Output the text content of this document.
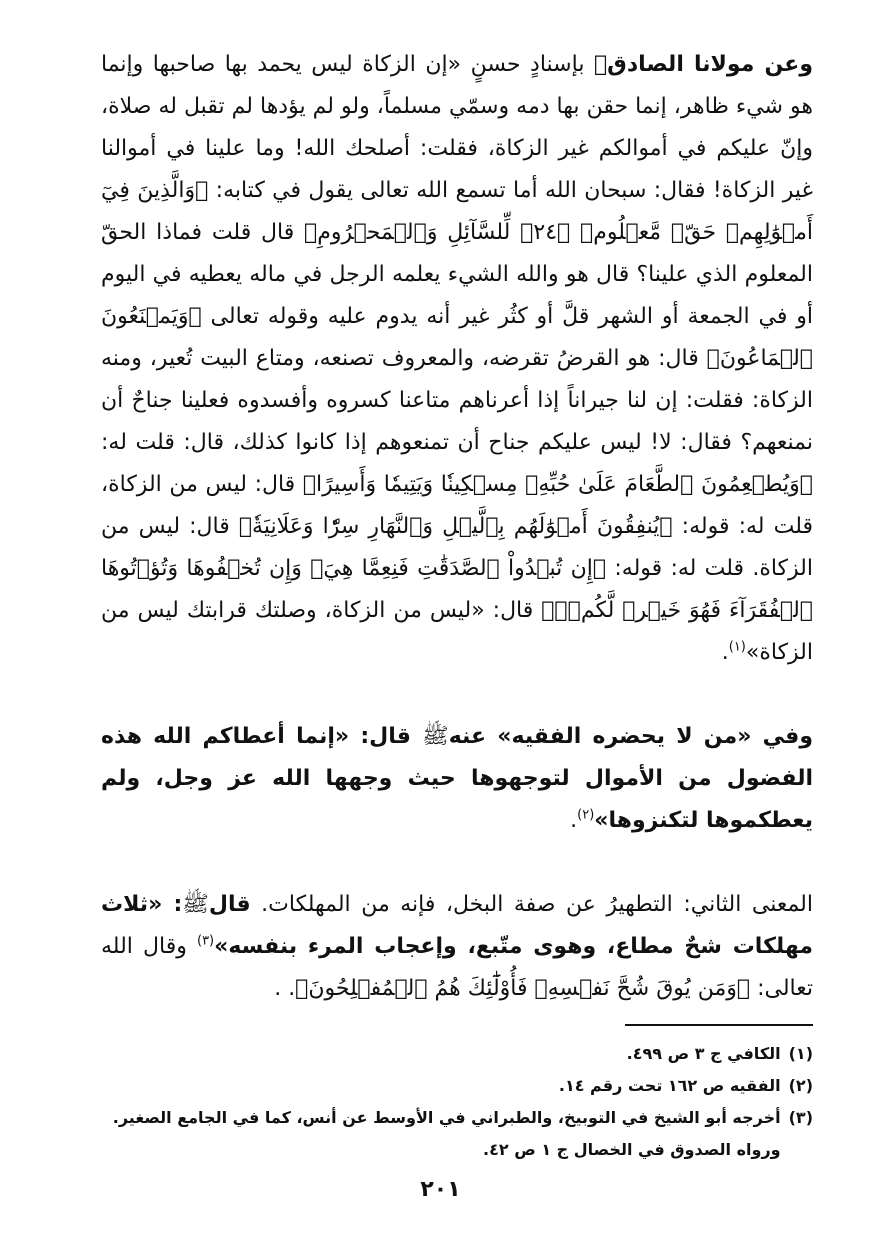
وعن مولانا الصادقﷺ بإسنادٍ حسنٍ «إن الزكاة ليس يحمد بها صاحبها وإنما هو شيء ظاهر، إنما حقن بها دمه وسمّي مسلماً، ولو لم يؤدها لم تقبل له صلاة، وإنّ عليكم في أموالكم غير الزكاة، فقلت: أصلحك الله! وما علينا في أموالنا غير الزكاة! فقال: سبحان الله أما تسمع الله تعالى يقول في كتابه: ﴿وَالَّذِينَ فِيٓ أَمۡوَٰلِهِمۡ حَقّٞ مَّعۡلُومٞ ﴿٢٤﴾ لِّلسَّآئِلِ وَٱلۡمَحۡرُومِ﴾ قال قلت فماذا الحقّ المعلوم الذي علينا؟ قال هو والله الشيء يعلمه الرجل في ماله يعطيه في اليوم أو في الجمعة أو الشهر قلَّ أو كثُر غير أنه يدوم عليه وقوله تعالى ﴿وَيَمۡنَعُونَ ٱلۡمَاعُونَ﴾ قال: هو القرضُ تقرضه، والمعروف تصنعه، ومتاع البيت تُعير، ومنه الزكاة: فقلت: إن لنا جيراناً إذا أعرناهم متاعنا كسروه وأفسدوه فعلينا جناحٌ أن نمنعهم؟ فقال: لا! ليس عليكم جناح أن تمنعوهم إذا كانوا كذلك، قال: قلت له: ﴿وَيُطۡعِمُونَ ٱلطَّعَامَ عَلَىٰ حُبِّهِۦ مِسۡكِينٗا وَيَتِيمٗا وَأَسِيرًا﴾ قال: ليس من الزكاة، قلت له: قوله: ﴿يُنفِقُونَ أَمۡوَٰلَهُم بِٱلَّيۡلِ وَٱلنَّهَارِ سِرّٗا وَعَلَانِيَةٗ﴾ قال: ليس من الزكاة. قلت له: قوله: ﴿إِن تُبۡدُواْ ٱلصَّدَقَٰتِ فَنِعِمَّا هِيَۖ وَإِن تُخۡفُوهَا وَتُؤۡتُوهَا ٱلۡفُقَرَآءَ فَهُوَ خَيۡرٞ لَّكُمۡۚ﴾ قال: «ليس من الزكاة، وصلتك قرابتك ليس من الزكاة»$^{(١)}$.

وفي «من لا يحضره الفقيه» عنهﷺ قال: «إنما أعطاكم الله هذه الفضول من الأموال لتوجهوها حيث وجهها الله عز وجل، ولم يعطكموها لتكنزوها»$^{(٢)}$.

المعنى الثاني: التطهيرُ عن صفة البخل، فإنه من المهلكات. قالﷺ: «ثلاث مهلكات شحٌ مطاع، وهوى متّبع، وإعجاب المرء بنفسه»$^{(٣)}$ وقال الله تعالى: ﴿وَمَن يُوقَ شُحَّ نَفۡسِهِۦ فَأُوْلَٰٓئِكَ هُمُ ٱلۡمُفۡلِحُونَ﴾. .

(١)
الكافي ج ٣ ص ٤٩٩.
(٢)
الفقيه ص ١٦٢ تحت رقم ١٤.
(٣)
أخرجه أبو الشيخ في التوبيخ، والطبراني في الأوسط عن أنس، كما في الجامع الصغير. ورواه الصدوق في الخصال ج ١ ص ٤٢.
٢٠١
